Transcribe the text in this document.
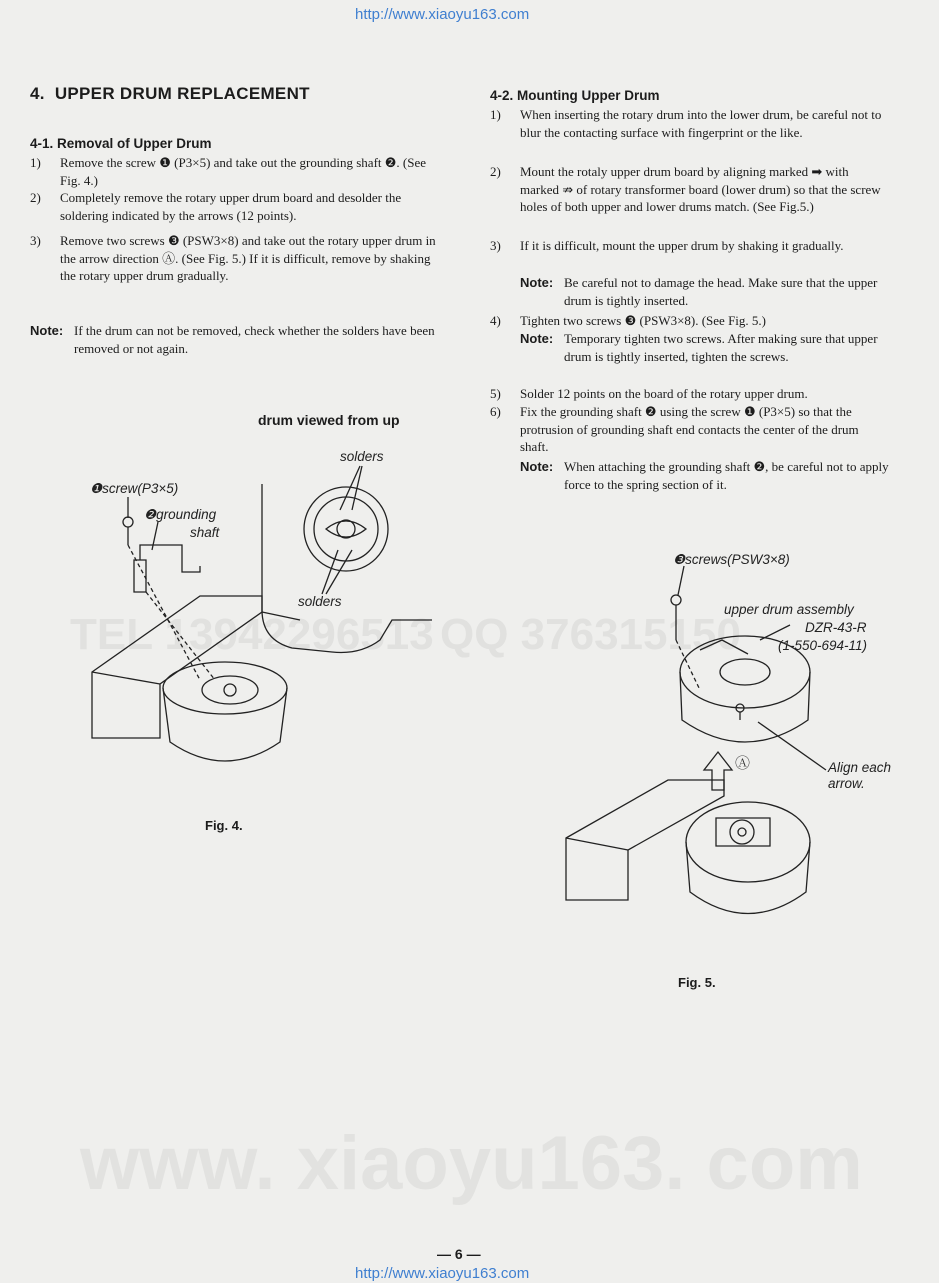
TEL 13942296513 QQ 376315150
www. xiaoyu163. com
http://www.xiaoyu163.com
4.  UPPER DRUM REPLACEMENT
4-1. Removal of Upper Drum
1) Remove the screw ❶ (P3×5) and take out the grounding shaft ❷. (See Fig. 4.)
2) Completely remove the rotary upper drum board and desolder the soldering indicated by the arrows (12 points).
3) Remove two screws ❸ (PSW3×8) and take out the rotary upper drum in the arrow direction Ⓐ. (See Fig. 5.) If it is difficult, remove by shaking the rotary upper drum gradually.
Note: If the drum can not be removed, check whether the solders have been removed or not again.
4-2. Mounting Upper Drum
1) When inserting the rotary drum into the lower drum, be careful not to blur the contacting surface with fingerprint or the like.
2) Mount the rotaly upper drum board by aligning marked ➡ with marked ⇏ of rotary transformer board (lower drum) so that the screw holes of both upper and lower drums match. (See Fig.5.)
3) If it is difficult, mount the upper drum by shaking it gradually.
Note: Be careful not to damage the head. Make sure that the upper drum is tightly inserted.
4) Tighten two screws ❸ (PSW3×8). (See Fig. 5.)
Note: Temporary tighten two screws. After making sure that upper drum is tightly inserted, tighten the screws.
5) Solder 12 points on the board of the rotary upper drum.
6) Fix the grounding shaft ❷ using the screw ❶ (P3×5) so that the protrusion of grounding shaft end contacts the center of the drum shaft.
Note: When attaching the grounding shaft ❷, be careful not to apply force to the spring section of it.
drum viewed from up
solders
solders
❶screw(P3×5)
❷grounding
shaft
Fig. 4.
❸screws(PSW3×8)
upper drum assembly
DZR-43-R
(1-550-694-11)
Ⓐ	Align each
arrow.
Fig. 5.
— 6 —
http://www.xiaoyu163.com
